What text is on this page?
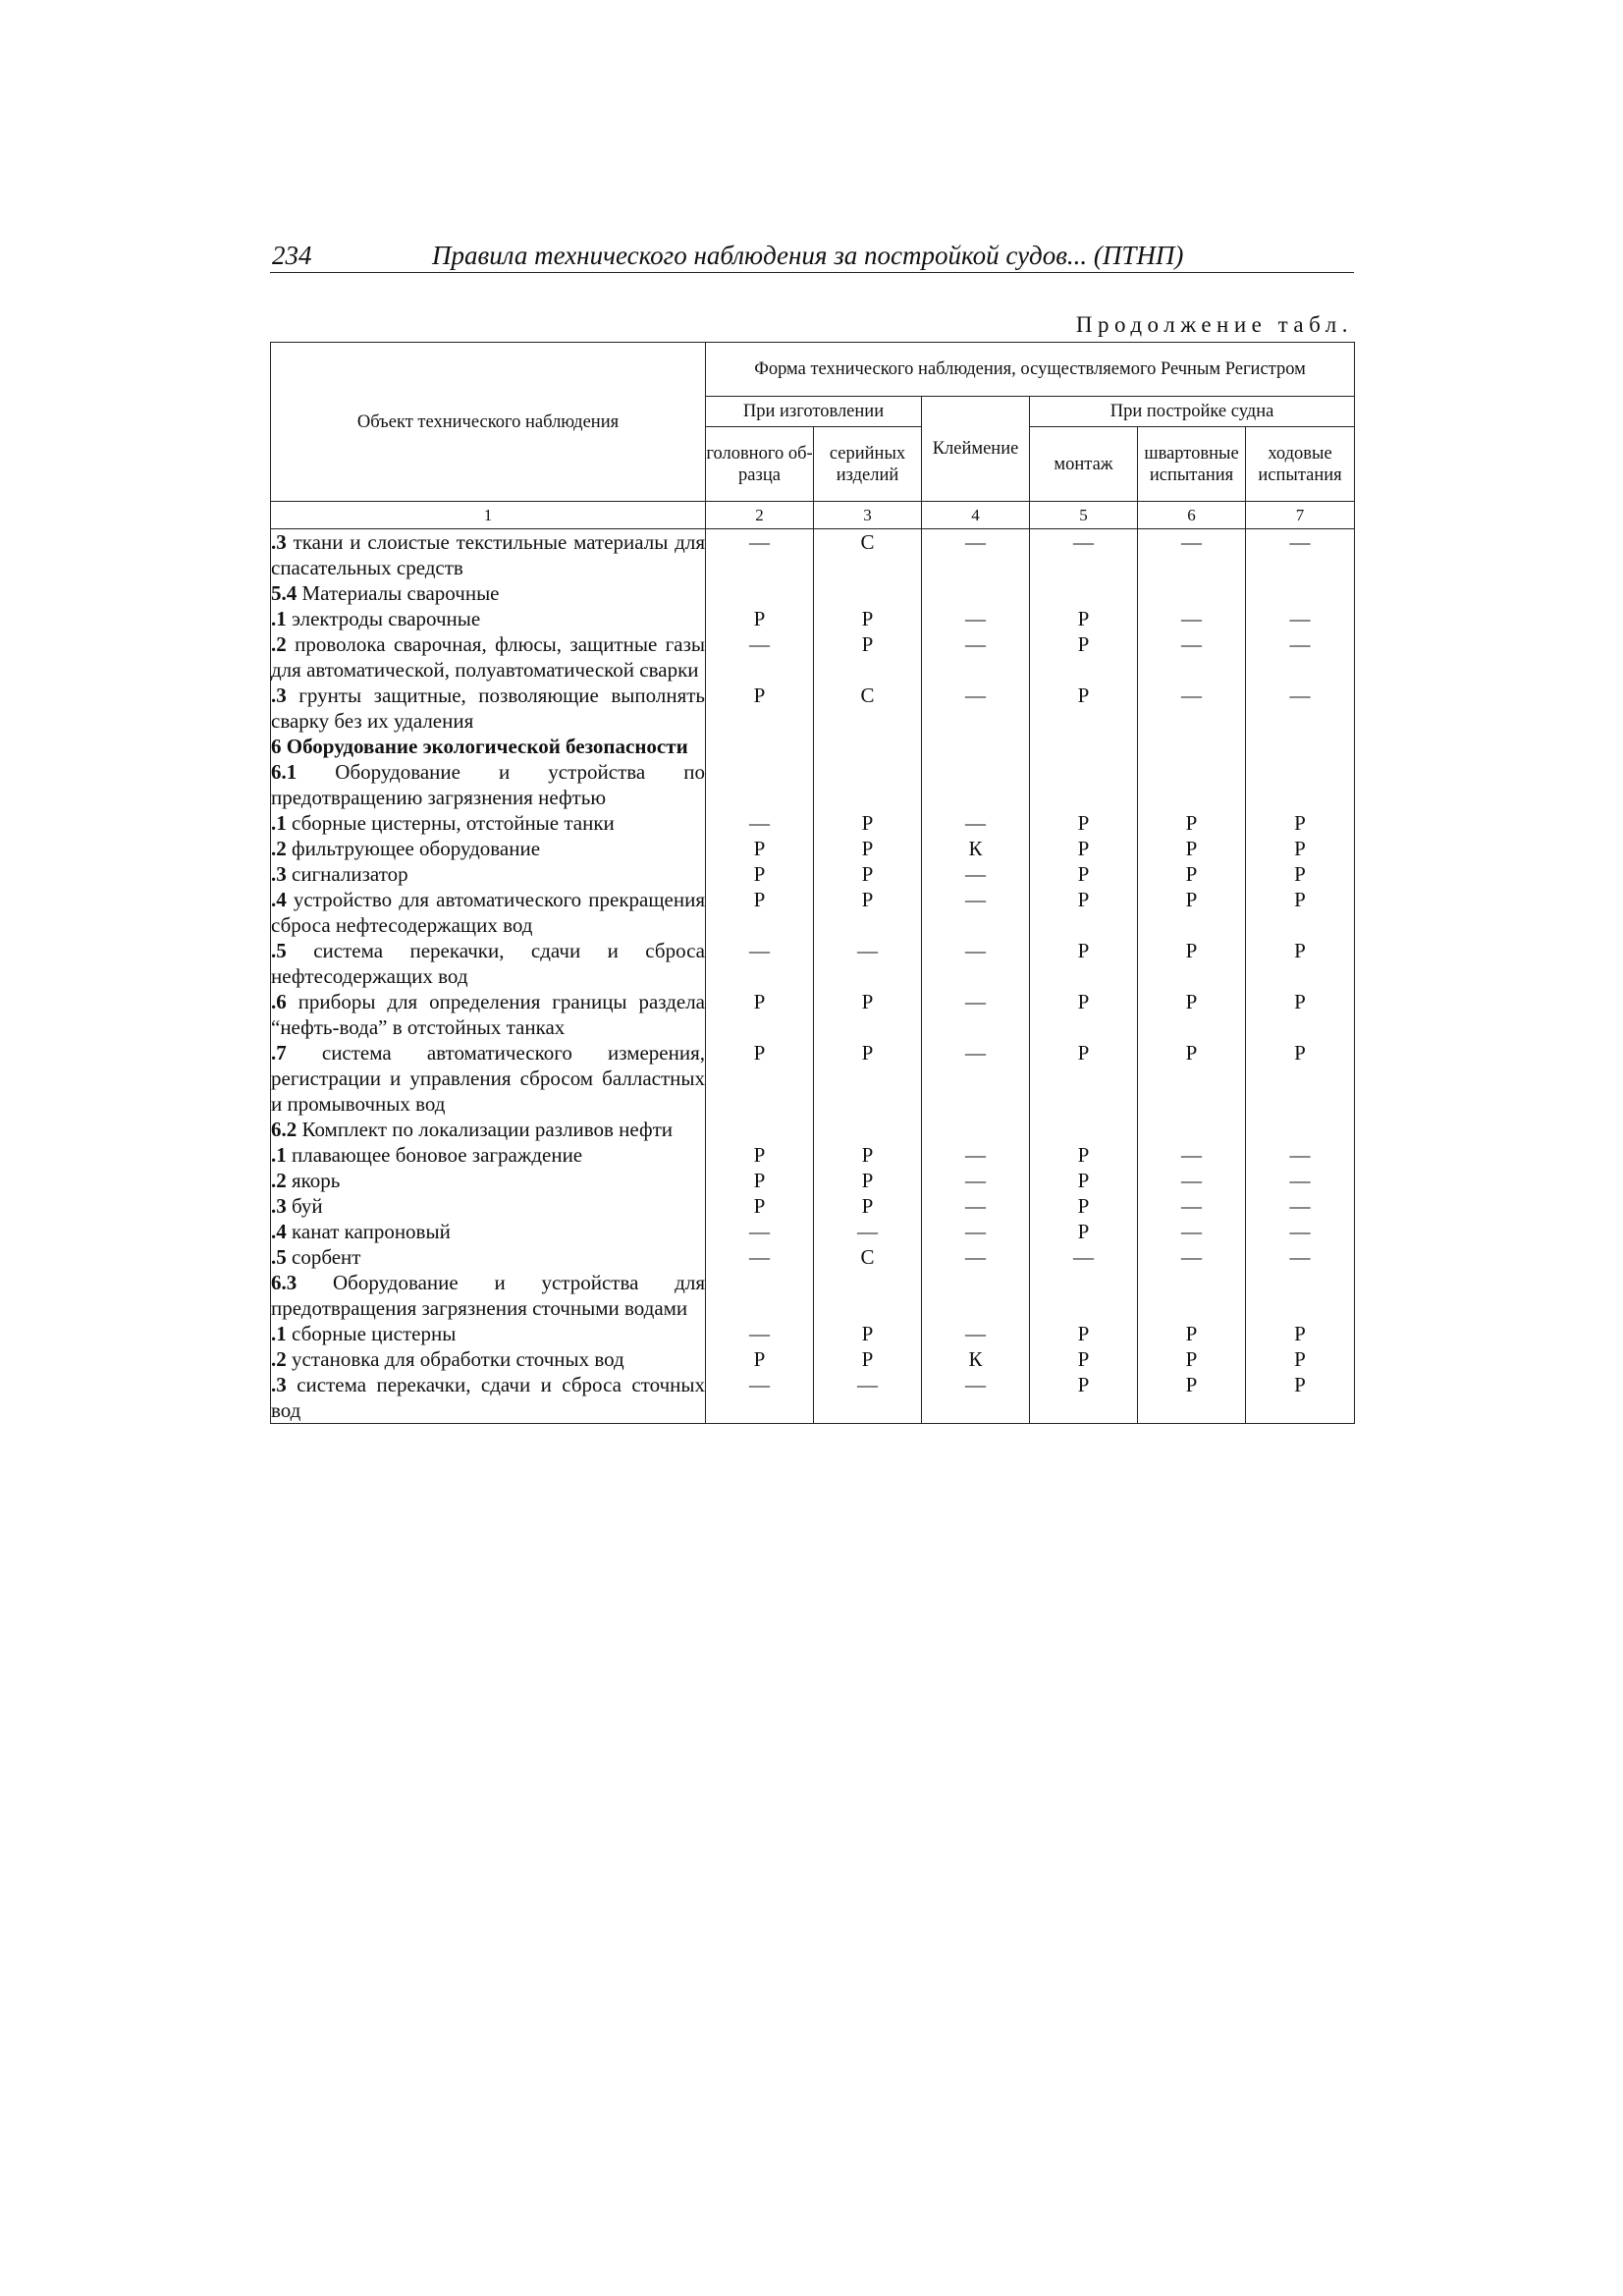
234	Правила технического наблюдения за постройкой судов... (ПТНП)
Продолжение табл.
Объект технического наблюдения	Форма технического наблюдения, осуществляемого Речным Регистром					
	При изготовлении		Клеймение	При постройке судна		
	головного образца	серийных изделий		монтаж	швартовные испытания	ходовые испытания
1	2	3	4	5	6	7
.3 ткани и слоистые текстильные материалы для спасательных средств	—	С	—	—	—	—
5.4 Материалы сварочные						
.1 электроды сварочные	Р	Р	—	Р	—	—
.2 проволока сварочная, флюсы, защитные газы для автоматической, полуавтоматической сварки	—	Р	—	Р	—	—
.3 грунты защитные, позволяющие выполнять сварку без их удаления	Р	С	—	Р	—	—
6 Оборудование экологической безопасности						
6.1 Оборудование и устройства по предотвращению загрязнения нефтью						
.1 сборные цистерны, отстойные танки	—	Р	—	Р	Р	Р
.2 фильтрующее оборудование	Р	Р	К	Р	Р	Р
.3 сигнализатор	Р	Р	—	Р	Р	Р
.4 устройство для автоматического прекращения сброса нефтесодержащих вод	Р	Р	—	Р	Р	Р
.5 система перекачки, сдачи и сброса нефтесодержащих вод	—	—	—	Р	Р	Р
.6 приборы для определения границы раздела “нефть-вода” в отстойных танках	Р	Р	—	Р	Р	Р
.7 система автоматического измерения, регистрации и управления сбросом балластных и промывочных вод	Р	Р	—	Р	Р	Р
6.2 Комплект по локализации разливов нефти						
.1 плавающее боновое заграждение	Р	Р	—	Р	—	—
.2 якорь	Р	Р	—	Р	—	—
.3 буй	Р	Р	—	Р	—	—
.4 канат капроновый	—	—	—	Р	—	—
.5 сорбент	—	С	—	—	—	—
6.3 Оборудование и устройства для предотвращения загрязнения сточными водами						
.1 сборные цистерны	—	Р	—	Р	Р	Р
.2 установка для обработки сточных вод	Р	Р	К	Р	Р	Р
.3 система перекачки, сдачи и сброса сточных вод	—	—	—	Р	Р	Р
